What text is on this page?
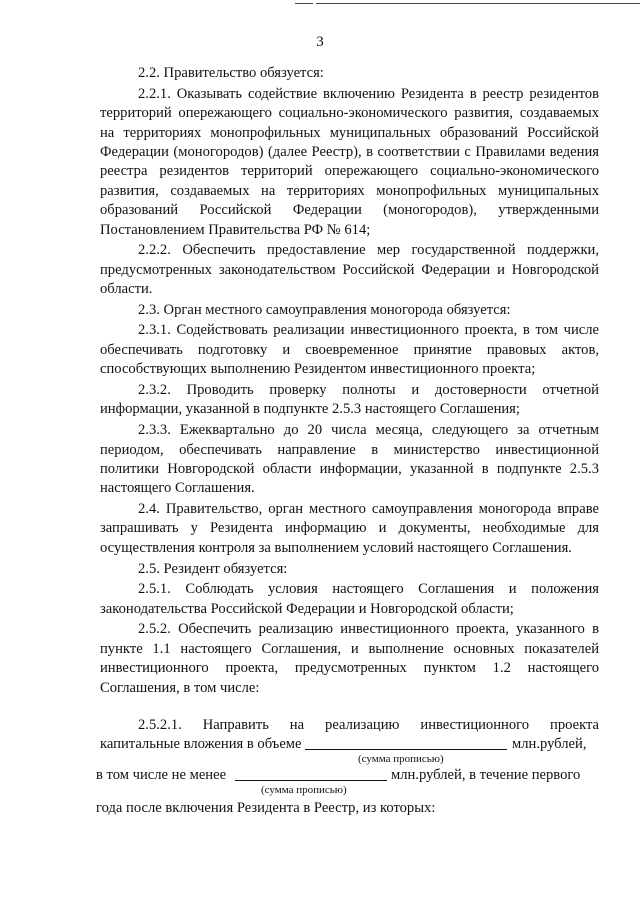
3

2.2. Правительство обязуется:

2.2.1. Оказывать содействие включению Резидента в реестр резидентов территорий опережающего социально-экономического развития, создаваемых на территориях монопрофильных муниципальных образований Российской Федерации (моногородов) (далее Реестр), в соответствии с Правилами ведения реестра резидентов территорий опережающего социально-экономического развития, создаваемых на территориях монопрофильных муниципальных образований Российской Федерации (моногородов), утвержденными Постановлением Правительства РФ № 614;

2.2.2. Обеспечить предоставление мер государственной поддержки, предусмотренных законодательством Российской Федерации и Новгородской области.

2.3. Орган местного самоуправления моногорода обязуется:

2.3.1. Содействовать реализации инвестиционного проекта, в том числе обеспечивать подготовку и своевременное принятие правовых актов, способствующих выполнению Резидентом инвестиционного проекта;

2.3.2. Проводить проверку полноты и достоверности отчетной информации, указанной в подпункте 2.5.3 настоящего Соглашения;

2.3.3. Ежеквартально до 20 числа месяца, следующего за отчетным периодом, обеспечивать направление в министерство инвестиционной политики Новгородской области информации, указанной в подпункте 2.5.3 настоящего Соглашения.

2.4. Правительство, орган местного самоуправления моногорода вправе запрашивать у Резидента информацию и документы, необходимые для осуществления контроля за выполнением условий настоящего Соглашения.

2.5. Резидент обязуется:

2.5.1. Соблюдать условия настоящего Соглашения и положения законодательства Российской Федерации и Новгородской области;

2.5.2. Обеспечить реализацию инвестиционного проекта, указанного в пункте 1.1 настоящего Соглашения, и выполнение основных показателей инвестиционного проекта, предусмотренных пунктом 1.2 настоящего Соглашения, в том числе:

2.5.2.1. Направить на реализацию инвестиционного проекта
капитальные вложения в объеме	млн.рублей,
(сумма прописью)
в том числе не менее	млн.рублей, в течение первого
(сумма прописью)
года после включения Резидента в Реестр, из которых:
